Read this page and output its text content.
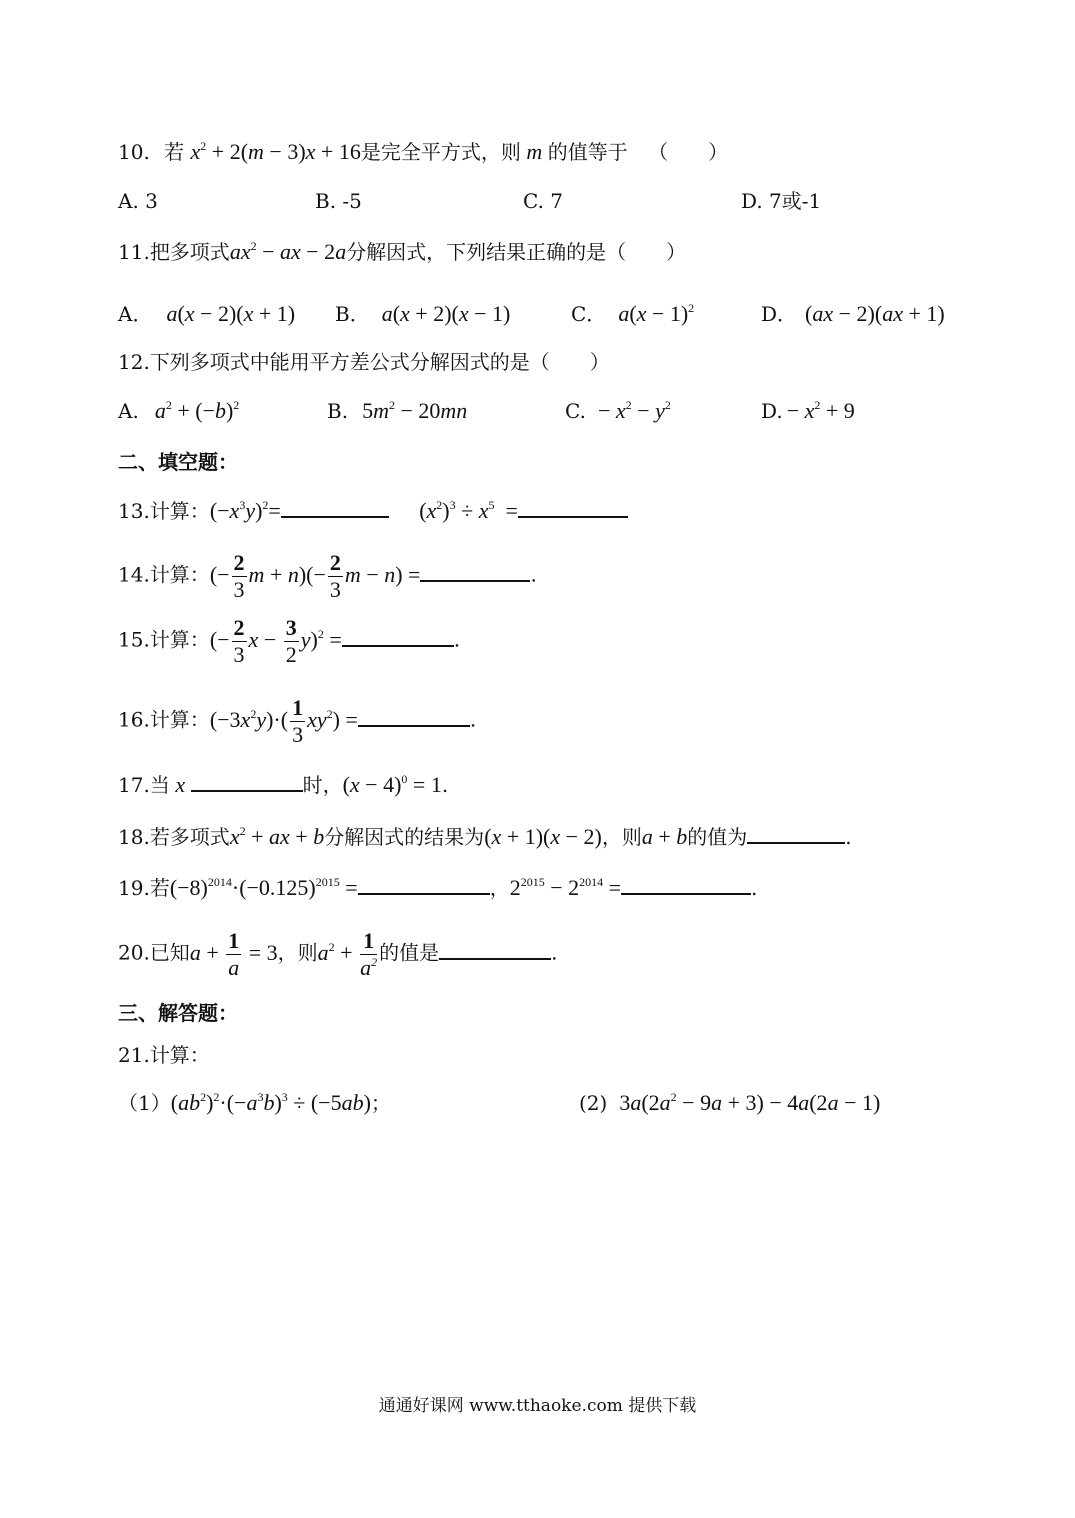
10. 若 $x^2 + 2(m - 3)x + 16$是完全平方式，则 m 的值等于 （　　）
A. 3	B. -5	C. 7	D. 7或-1
11.把多项式$ax^2$ − ax − 2a分解因式，下列结果正确的是（　　）
A． a(x − 2)(x + 1) B． a(x + 2)(x − 1)	C． $a(x - 1)^2$	D． (ax − 2)(ax + 1)
12.下列多项式中能用平方差公式分解因式的是（　　）
A. $a^2 + (-b)^2$	B. $5m^2 - 20mn$	C. − $x^2 - y^2$	D. − $x^2 + 9$
二、填空题：
13.计算：$(-x^3y)^2=$	$(x^2)^3 \div x^5$  =
14.计算：(− $\frac{2}{3}$ $m + n)(- \frac{2}{3}$ m − n) =	.
15.计算：(− $\frac{2}{3}$ $x - \frac{3}{2} y)^2$ =	.
16.计算：$(-3x^2y)\cdot( \frac{1}{3} xy^2)$ =	.
17.当 x	时，$(x - 4)^0 = 1$.
18.若多项式$x^2$ + ax + b分解因式的结果为(x + 1)(x − 2)，则a + b的值为	.
19.若$(-8)^{2014}\cdot(-0.125)^{2015}$ =	，$2^{2015} - 2^{2014}$ =	.
20.已知$a + \frac{1}{a} = 3$，则$a^2 + \frac{1}{a^2}$ 的值是	.
三、解答题：
21.计算：
$(1)(ab^2)^2\cdot(-a^3b)^3 \div (-5ab)$；	(2) $3a(2a^2 - 9a + 3) - 4a(2a - 1)$
通通好课网 www.tthaoke.com 提供下载
